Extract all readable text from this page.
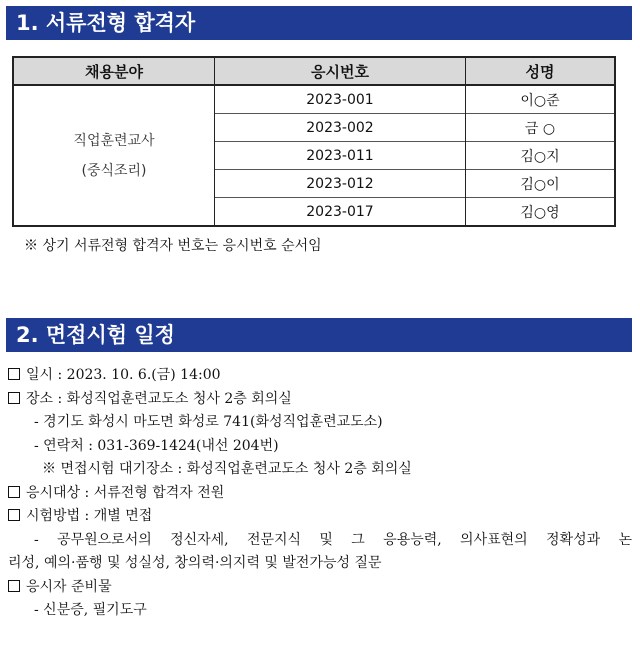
1. 서류전형 합격자
채용분야	응시번호	성명

직업훈련교사
(중식조리)	2023-001	이○준
	2023-002	금 ○
	2023-011	김○지
	2023-012	김○이
	2023-017	김○영
※ 상기 서류전형 합격자 번호는 응시번호 순서임
2. 면접시험 일정
일시 : 2023. 10. 6.(금) 14:00
장소 : 화성직업훈련교도소 청사 2층 회의실
- 경기도 화성시 마도면 화성로 741(화성직업훈련교도소)
- 연락처 : 031-369-1424(내선 204번)
※ 면접시험 대기장소 : 화성직업훈련교도소 청사 2층 회의실
응시대상 : 서류전형 합격자 전원
시험방법 : 개별 면접
- 공무원으로서의 정신자세, 전문지식 및 그 응용능력, 의사표현의 정확성과 논
리성, 예의·품행 및 성실성, 창의력·의지력 및 발전가능성 질문
응시자 준비물
- 신분증, 필기도구
